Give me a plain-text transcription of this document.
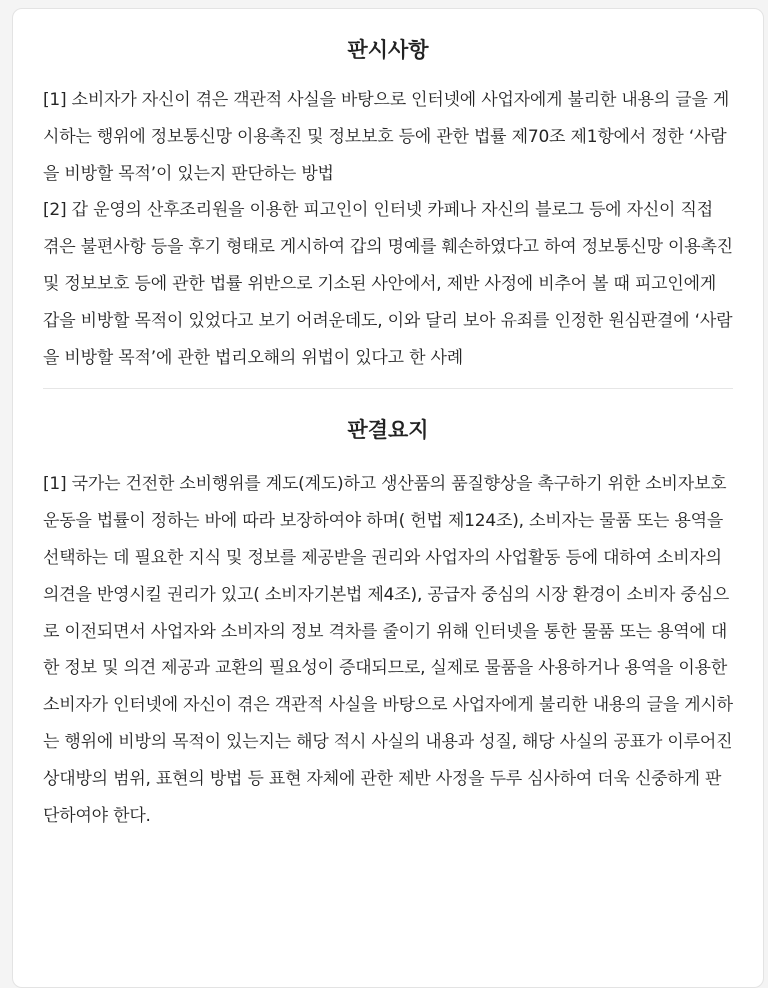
판시사항

[1] 소비자가 자신이 겪은 객관적 사실을 바탕으로 인터넷에 사업자에게 불리한 내용의 글을 게시하는 행위에 정보통신망 이용촉진 및 정보보호 등에 관한 법률 제70조 제1항에서 정한 ‘사람을 비방할 목적’이 있는지 판단하는 방법

[2] 갑 운영의 산후조리원을 이용한 피고인이 인터넷 카페나 자신의 블로그 등에 자신이 직접 겪은 불편사항 등을 후기 형태로 게시하여 갑의 명예를 훼손하였다고 하여 정보통신망 이용촉진 및 정보보호 등에 관한 법률 위반으로 기소된 사안에서, 제반 사정에 비추어 볼 때 피고인에게 갑을 비방할 목적이 있었다고 보기 어려운데도, 이와 달리 보아 유죄를 인정한 원심판결에 ‘사람을 비방할 목적’에 관한 법리오해의 위법이 있다고 한 사례

판결요지

[1] 국가는 건전한 소비행위를 계도(계도)하고 생산품의 품질향상을 촉구하기 위한 소비자보호운동을 법률이 정하는 바에 따라 보장하여야 하며( 헌법 제124조), 소비자는 물품 또는 용역을 선택하는 데 필요한 지식 및 정보를 제공받을 권리와 사업자의 사업활동 등에 대하여 소비자의 의견을 반영시킬 권리가 있고( 소비자기본법 제4조), 공급자 중심의 시장 환경이 소비자 중심으로 이전되면서 사업자와 소비자의 정보 격차를 줄이기 위해 인터넷을 통한 물품 또는 용역에 대한 정보 및 의견 제공과 교환의 필요성이 증대되므로, 실제로 물품을 사용하거나 용역을 이용한 소비자가 인터넷에 자신이 겪은 객관적 사실을 바탕으로 사업자에게 불리한 내용의 글을 게시하는 행위에 비방의 목적이 있는지는 해당 적시 사실의 내용과 성질, 해당 사실의 공표가 이루어진 상대방의 범위, 표현의 방법 등 표현 자체에 관한 제반 사정을 두루 심사하여 더욱 신중하게 판단하여야 한다.
